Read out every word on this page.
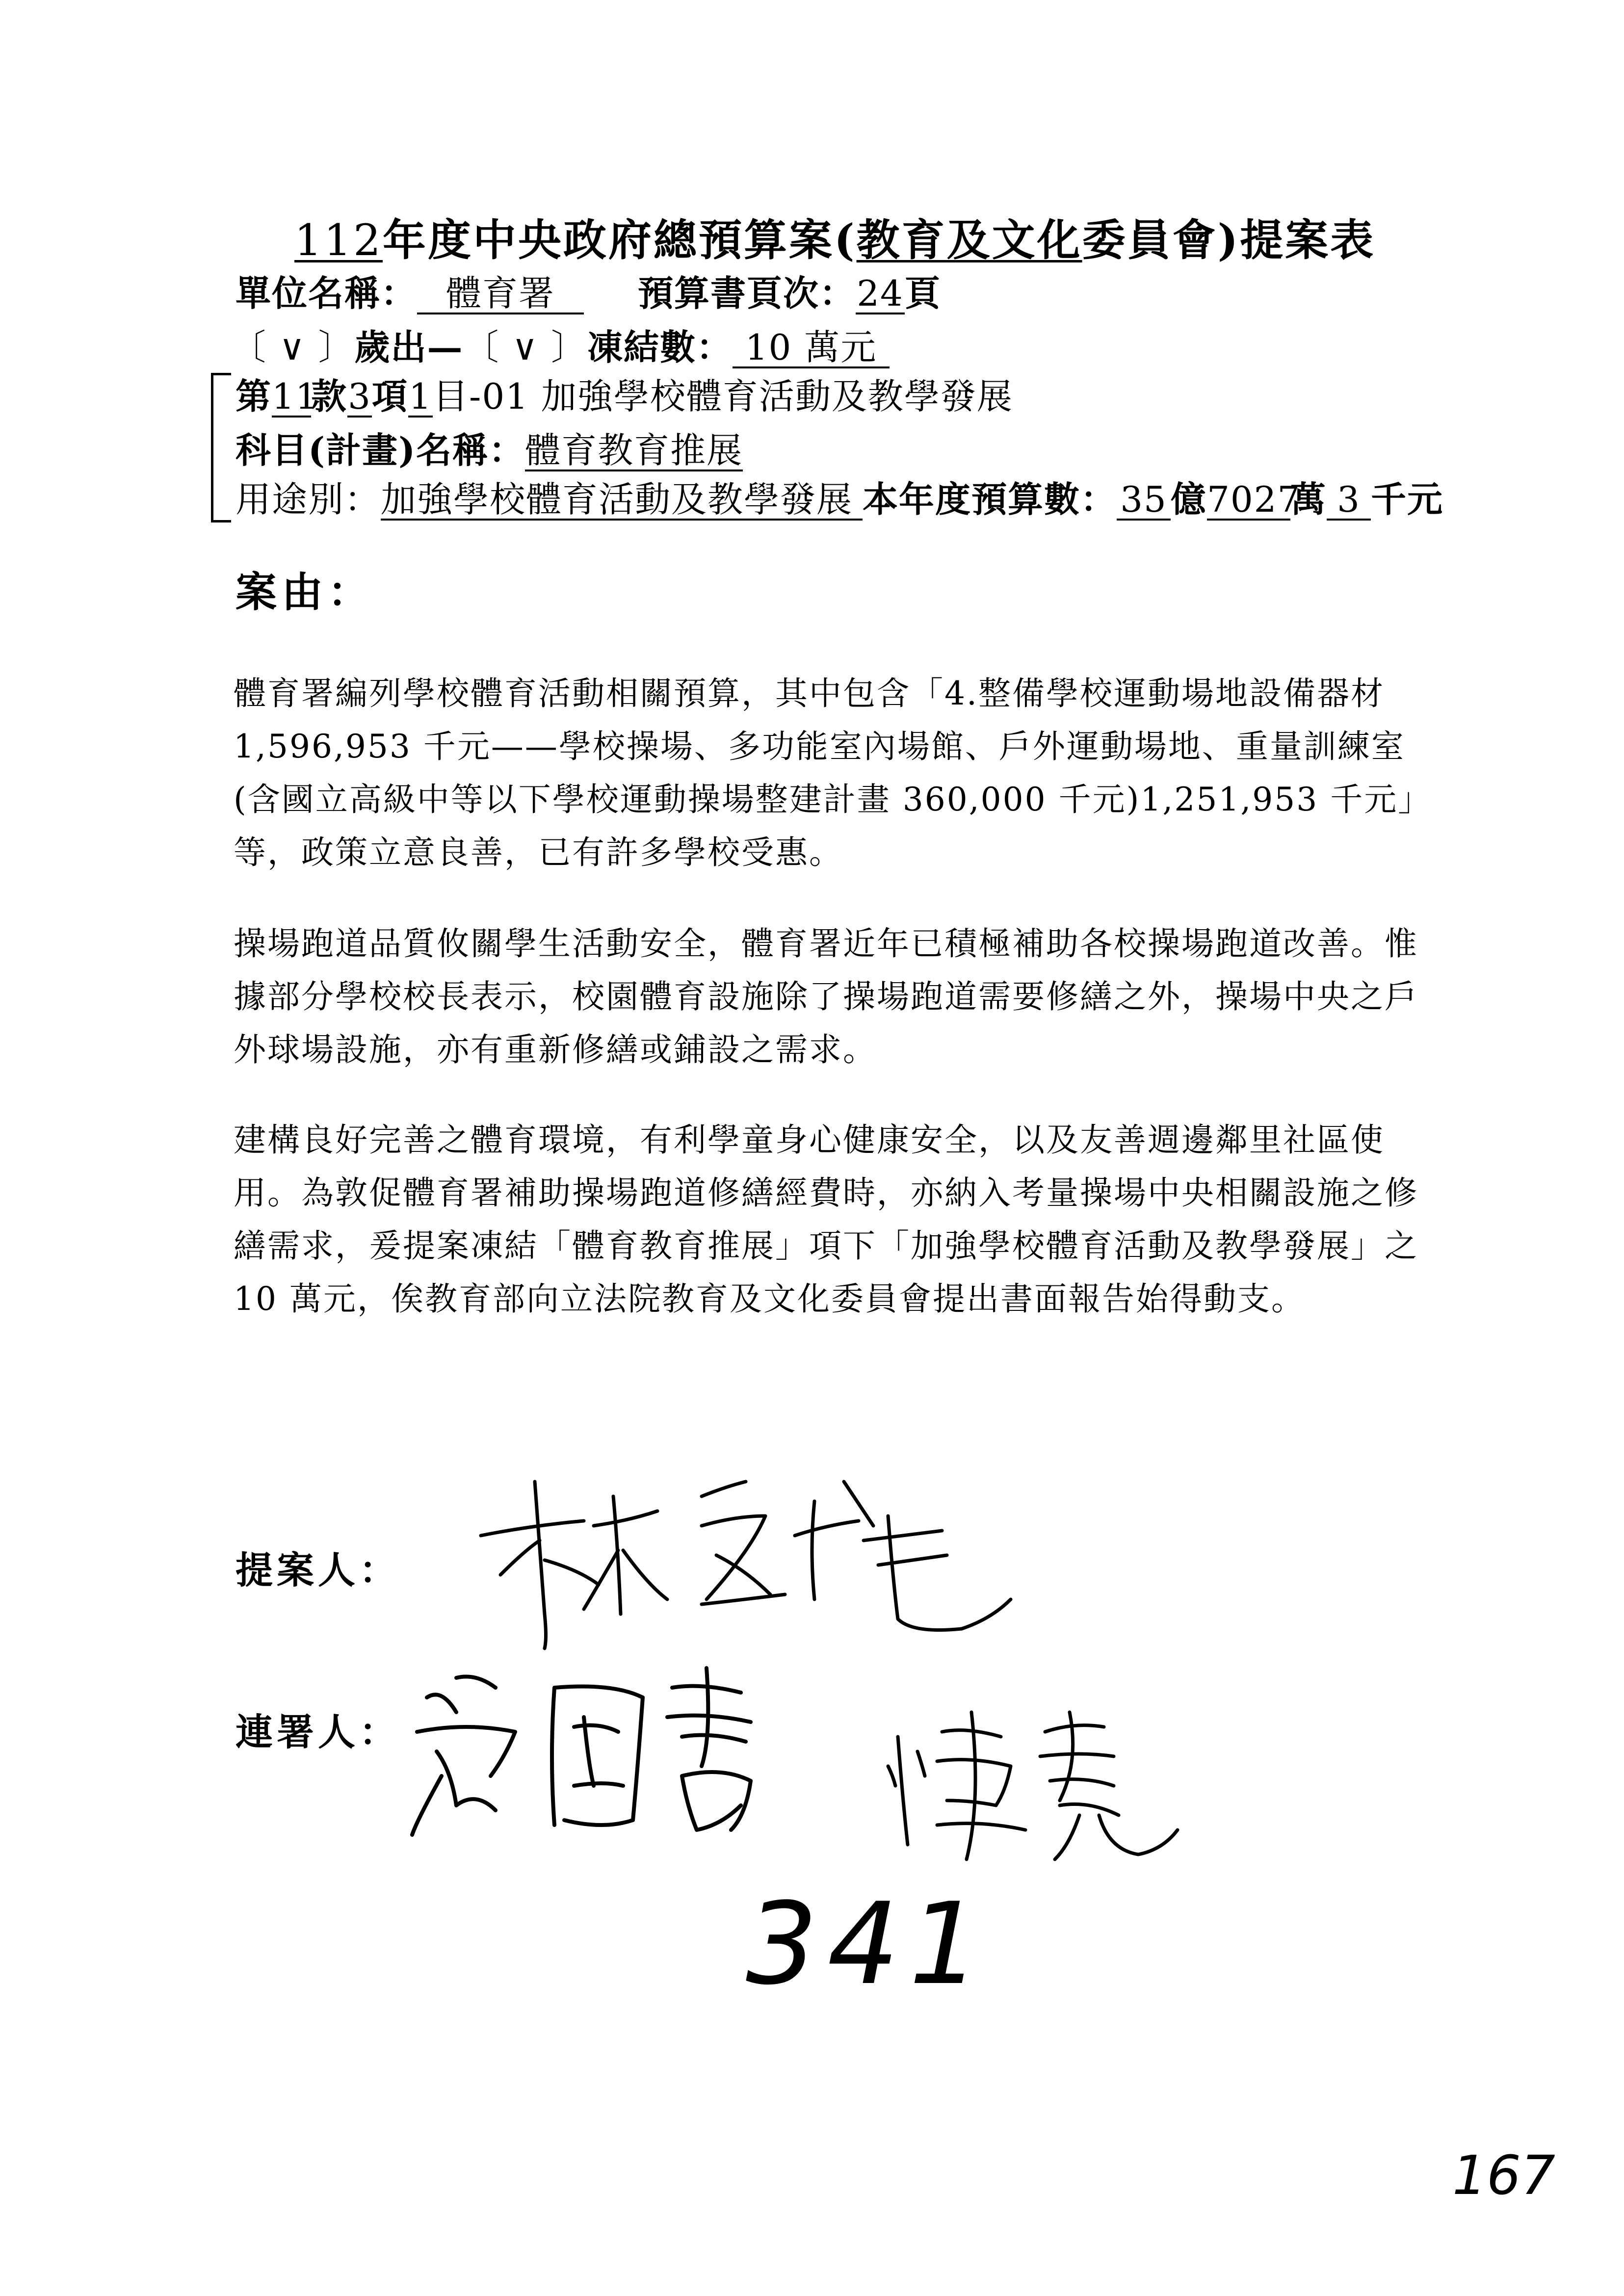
112年度中央政府總預算案(教育及文化委員會)提案表
單位名稱： 體育署 預算書頁次：24頁
〔 ∨ 〕歲出—〔 ∨ 〕凍結數： 10 萬元
第11款3項1目-01 加強學校體育活動及教學發展
科目(計畫)名稱：體育教育推展
用途別：加強學校體育活動及教學發展 本年度預算數：35億7027萬 3 千元
案由：
體育署編列學校體育活動相關預算，其中包含「4.整備學校運動場地設備器材 1,596,953 千元——學校操場、多功能室內場館、戶外運動場地、重量訓練室(含國立高級中等以下學校運動操場整建計畫 360,000 千元)1,251,953 千元」等，政策立意良善，已有許多學校受惠。
操場跑道品質攸關學生活動安全，體育署近年已積極補助各校操場跑道改善。惟據部分學校校長表示，校園體育設施除了操場跑道需要修繕之外，操場中央之戶外球場設施，亦有重新修繕或鋪設之需求。
建構良好完善之體育環境，有利學童身心健康安全，以及友善週邊鄰里社區使用。為敦促體育署補助操場跑道修繕經費時，亦納入考量操場中央相關設施之修繕需求，爰提案凍結「體育教育推展」項下「加強學校體育活動及教學發展」之 10 萬元，俟教育部向立法院教育及文化委員會提出書面報告始得動支。
提案人：
連署人：
341
167
